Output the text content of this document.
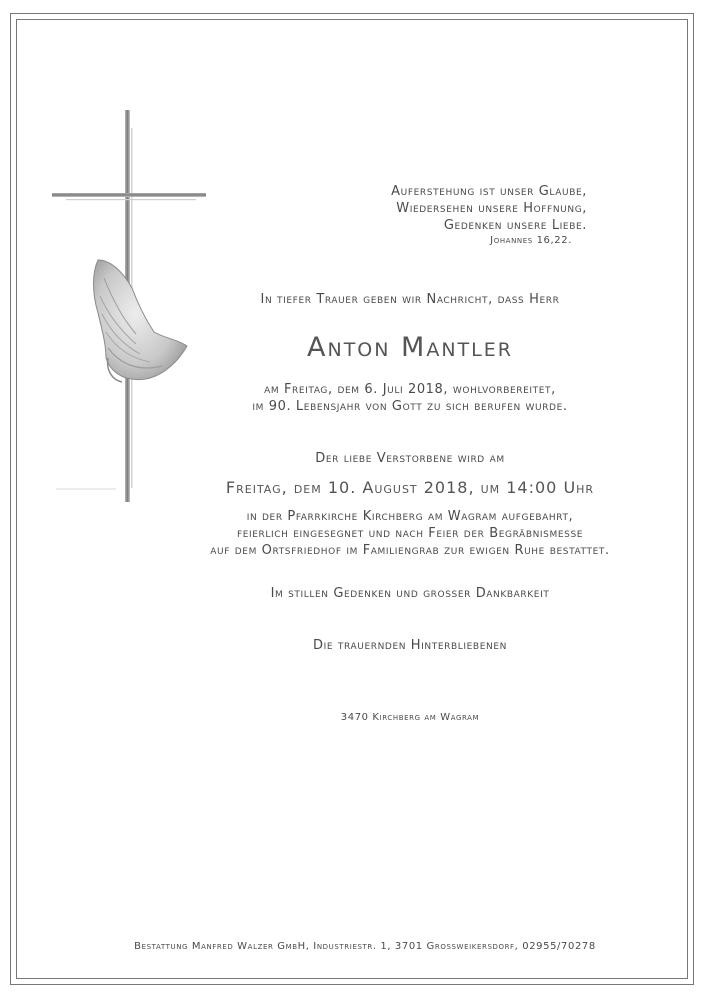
Auferstehung ist unser Glaube,
Wiedersehen unsere Hoffnung,
Gedenken unsere Liebe.
Johannes 16,22.
In tiefer Trauer geben wir Nachricht, dass Herr
Anton Mantler
am Freitag, dem 6. Juli 2018, wohlvorbereitet,
im 90. Lebensjahr von Gott zu sich berufen wurde.
Der liebe Verstorbene wird am
Freitag, dem 10. August 2018, um 14:00 Uhr
in der Pfarrkirche Kirchberg am Wagram aufgebahrt,
feierlich eingesegnet und nach Feier der Begräbnismesse
auf dem Ortsfriedhof im Familiengrab zur ewigen Ruhe bestattet.
Im stillen Gedenken und grosser Dankbarkeit
Die trauernden Hinterbliebenen
3470 Kirchberg am Wagram
Bestattung Manfred Walzer GmbH, Industriestr. 1, 3701 Grossweikersdorf, 02955/70278
